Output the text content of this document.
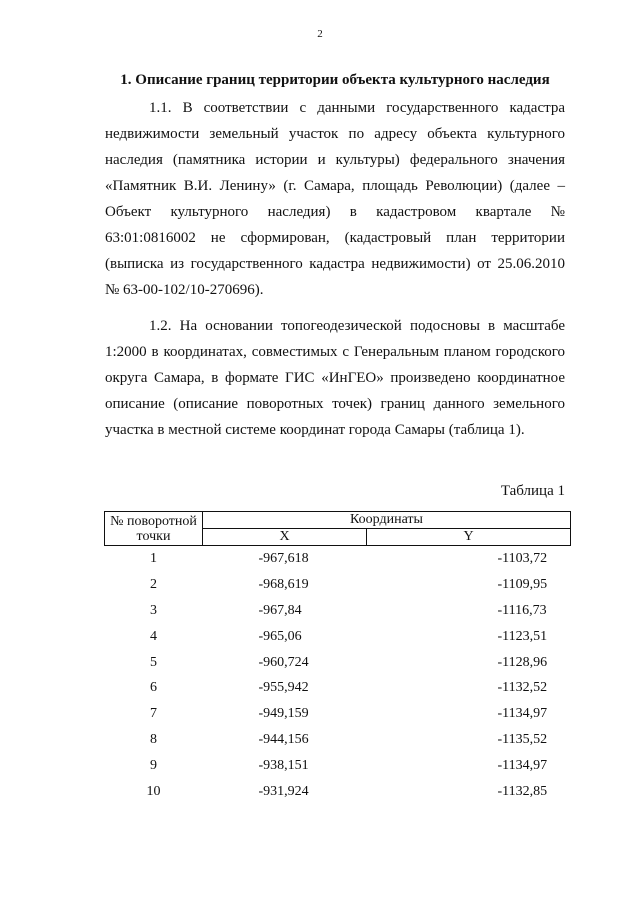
2
1. Описание границ территории объекта культурного наследия

1.1. В соответствии с данными государственного кадастра недвижимости земельный участок по адресу объекта культурного наследия (памятника истории и культуры) федерального значения «Памятник В.И. Ленину» (г. Самара, площадь Революции) (далее – Объект культурного наследия) в кадастровом квартале № 63:01:0816002 не сформирован, (кадастровый план территории (выписка из государственного кадастра недвижимости) от 25.06.2010 № 63-00-102/10-270696).

1.2. На основании топогеодезической подосновы в масштабе 1:2000 в координатах, совместимых с Генеральным планом городского округа Самара, в формате ГИС «ИнГЕО» произведено координатное описание (описание поворотных точек) границ данного земельного участка в местной системе координат города Самары (таблица 1).

Таблица 1
№ поворотной точки	Координаты	
	X	Y
1	-967,618	-1103,72
2	-968,619	-1109,95
3	-967,84	-1116,73
4	-965,06	-1123,51
5	-960,724	-1128,96
6	-955,942	-1132,52
7	-949,159	-1134,97
8	-944,156	-1135,52
9	-938,151	-1134,97
10	-931,924	-1132,85
